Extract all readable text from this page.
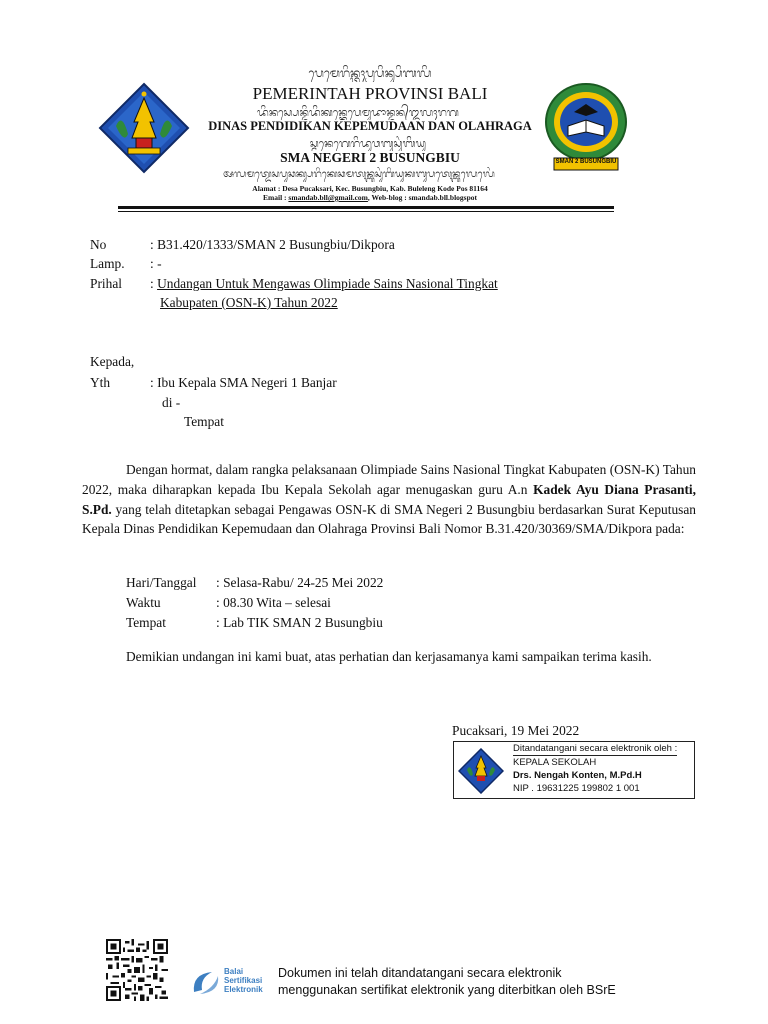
SMAN 2 BUSUNGBIU
ᬧᬾᬫᬾᬭᬶᬦ᭄ᬢᬄᬧ᭄ᬭᬧᬶᬦ᭄ᬲᬶᬩᬮᬶ
PEMERINTAH PROVINSI BALI
ᬤᬶᬦᬲ᭄ᬧᬾᬦ᭄ᬤᬶᬤᬶᬓᬦ᭄ᬓᬾᬧᬾᬫᬸᬤᬵᬦ᭄ᬤᬦ᭄ᬑᬮᬄᬭᬕ
DINAS PENDIDIKAN KEPEMUDAAN DAN OLAHRAGA
ᬲ᭄ᬫᬦᬾᬕᬾᬭᬶᬤᬸᬯᬩᬸᬲᬸᬂᬩᬶᬬᬸ
SMA NEGERI 2 BUSUNGBIU
ᬅᬮᬫᬢ᭄ᬤᬾᬲᬧᬸᬘᬓ᭄ᬲᬭᬶᬓᬾᬘᬫᬢᬦ᭄ᬩᬸᬲᬸᬂᬩᬶᬬᬸᬓᬩᬸᬧᬢᬾᬦ᭄ᬩᬸᬮᬾᬮᬾᬂ
Alamat : Desa Pucaksari, Kec. Busungbiu, Kab. Buleleng Kode Pos 81164
Email : smandab.bll@gmail.com, Web-blog : smandab.bll.blogspot
No	: B31.420/1333/SMAN 2 Busungbiu/Dikpora
Lamp. : -
Prihal : Undangan Untuk Mengawas Olimpiade Sains Nasional Tingkat
Kabupaten (OSN-K) Tahun 2022
Kepada,
Yth	: Ibu Kepala SMA Negeri 1 Banjar
di -
Tempat
Dengan hormat, dalam rangka pelaksanaan Olimpiade Sains Nasional Tingkat Kabupaten (OSN-K) Tahun 2022, maka diharapkan kepada Ibu Kepala Sekolah agar menugaskan guru A.n Kadek Ayu Diana Prasanti, S.Pd. yang telah ditetapkan sebagai Pengawas OSN-K di SMA Negeri 2 Busungbiu berdasarkan Surat Keputusan Kepala Dinas Pendidikan Kepemudaan dan Olahraga Provinsi Bali Nomor B.31.420/30369/SMA/Dikpora pada:
Hari/Tanggal : Selasa-Rabu/ 24-25 Mei 2022
Waktu	: 08.30 Wita – selesai
Tempat	: Lab TIK SMAN 2 Busungbiu
Demikian undangan ini kami buat, atas perhatian dan kerjasamanya kami sampaikan terima kasih.
Pucaksari, 19 Mei 2022
Ditandatangani secara elektronik oleh :
KEPALA SEKOLAH
Drs. Nengah Konten, M.Pd.H
NIP . 19631225 199802 1 001
Balai
Sertifikasi
Elektronik
Dokumen ini telah ditandatangani secara elektronik
menggunakan sertifikat elektronik yang diterbitkan oleh BSrE
